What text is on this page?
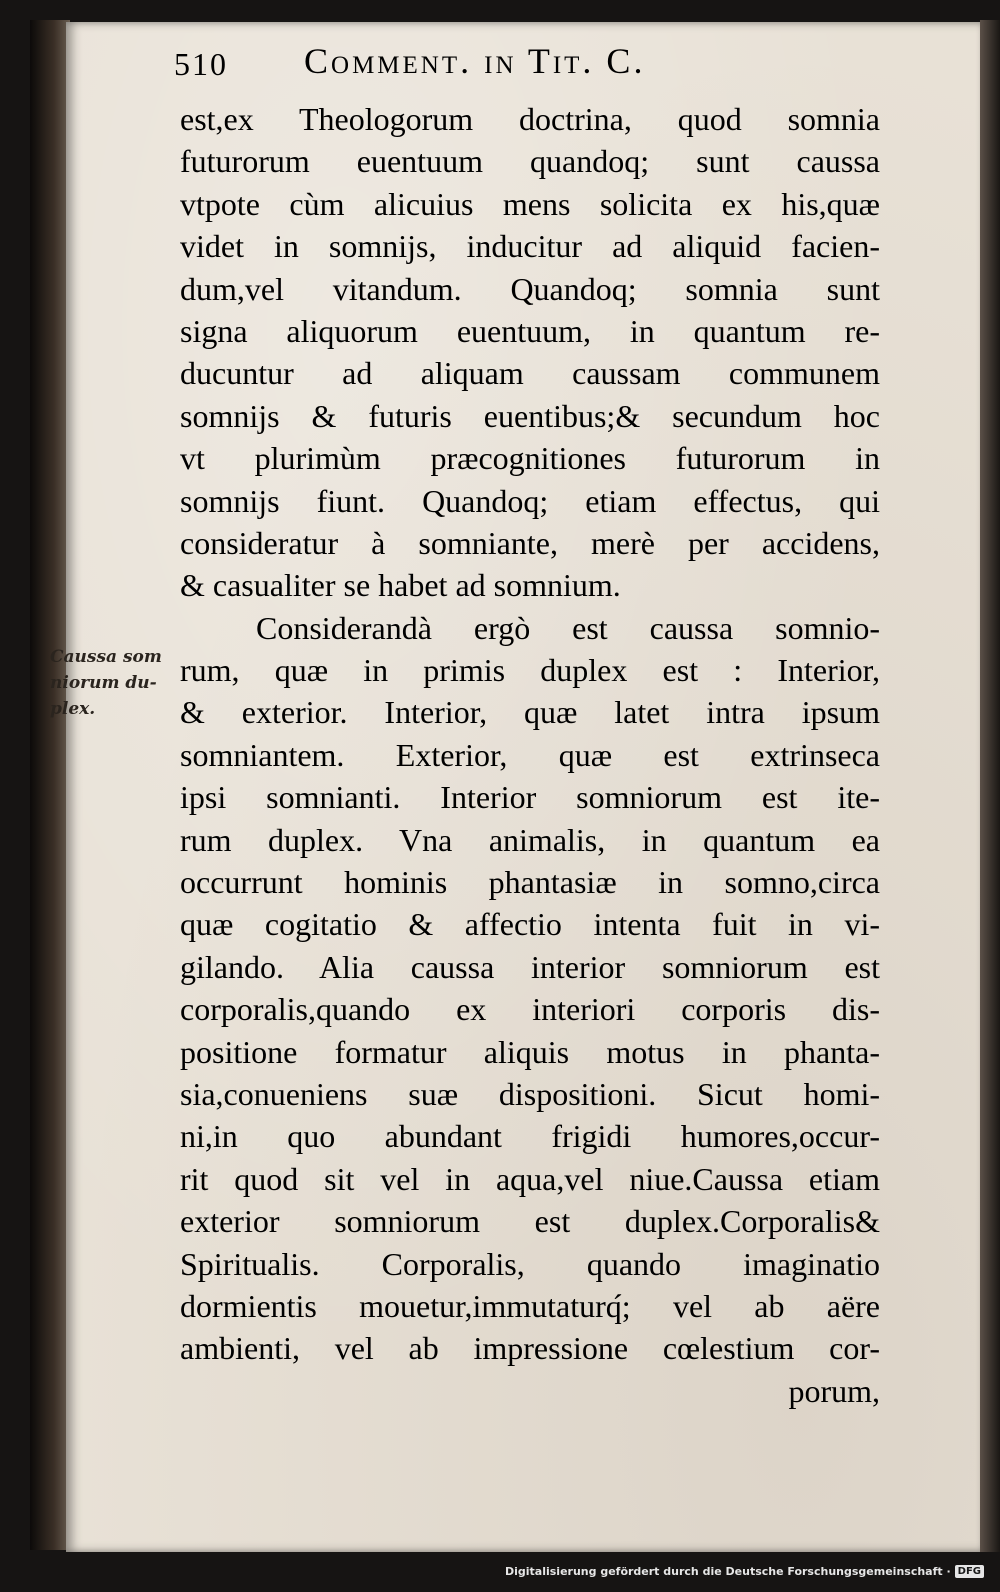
510 Comment. in Tit. C.
Caussa som
niorum du-
plex.
est,ex Theologorum doctrina, quod somnia
futurorum euentuum quandoq; sunt caussa
vtpote cùm alicuius mens solicita ex his,quæ
videt in somnijs, inducitur ad aliquid facien-
dum,vel vitandum. Quandoq; somnia sunt
signa aliquorum euentuum, in quantum re-
ducuntur ad aliquam caussam communem
somnijs & futuris euentibus;& secundum hoc
vt plurimùm præcognitiones futurorum in
somnijs fiunt. Quandoq; etiam effectus, qui
consideratur à somniante, merè per accidens,
& casualiter se habet ad somnium.
Considerandà ergò est caussa somnio-
rum, quæ in primis duplex est : Interior,
& exterior. Interior, quæ latet intra ipsum
somniantem. Exterior, quæ est extrinseca
ipsi somnianti. Interior somniorum est ite-
rum duplex. Vna animalis, in quantum ea
occurrunt hominis phantasiæ in somno,circa
quæ cogitatio & affectio intenta fuit in vi-
gilando. Alia caussa interior somniorum est
corporalis,quando ex interiori corporis dis-
positione formatur aliquis motus in phanta-
sia,conueniens suæ dispositioni. Sicut homi-
ni,in quo abundant frigidi humores,occur-
rit quod sit vel in aqua,vel niue.Caussa etiam
exterior somniorum est duplex.Corporalis&
Spiritualis. Corporalis, quando imaginatio
dormientis mouetur,immutaturq́; vel ab aëre
ambienti, vel ab impressione cœlestium cor-
porum,
Digitalisierung gefördert durch die Deutsche Forschungsgemeinschaft · DFG
